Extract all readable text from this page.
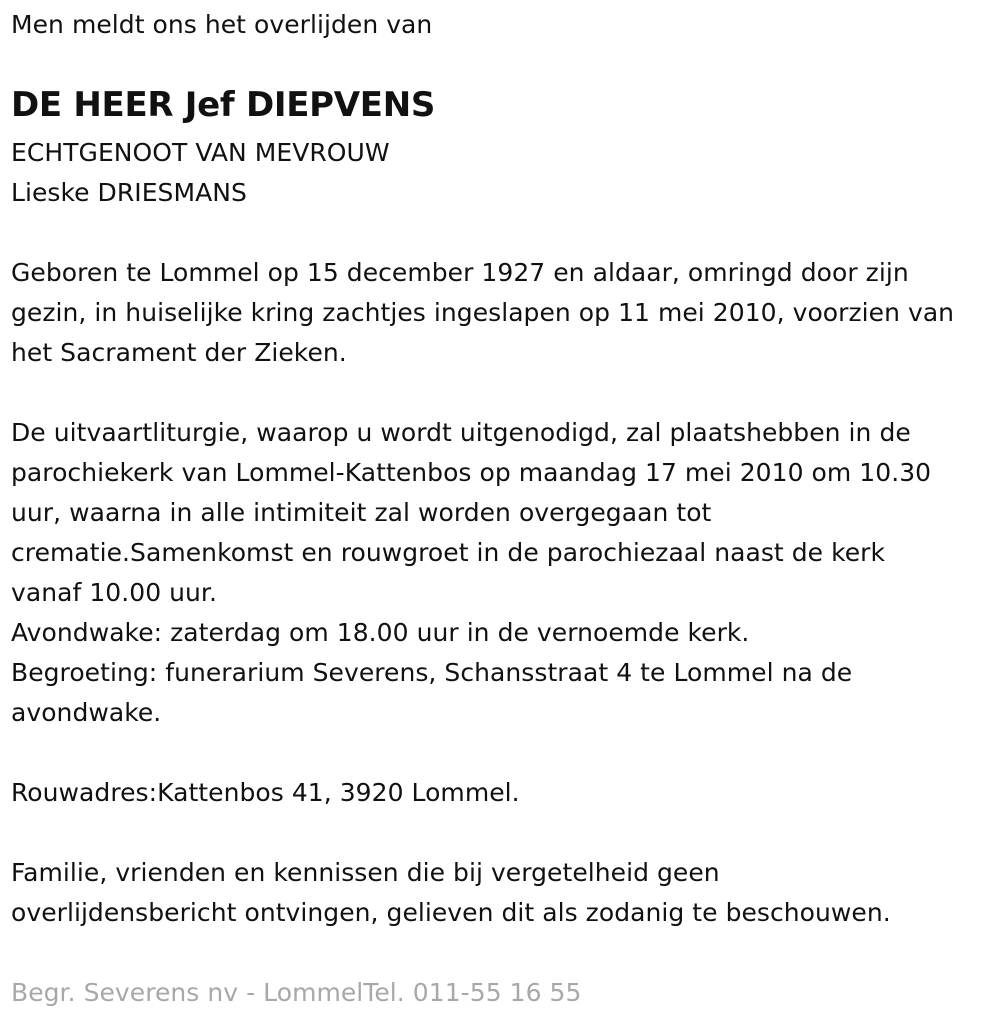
Men meldt ons het overlijden van

DE HEER Jef DIEPVENS

ECHTGENOOT VAN MEVROUW

Lieske DRIESMANS

Geboren te Lommel op 15 december 1927 en aldaar, omringd door zijn

gezin, in huiselijke kring zachtjes ingeslapen op 11 mei 2010, voorzien van

het Sacrament der Zieken.

De uitvaartliturgie, waarop u wordt uitgenodigd, zal plaatshebben in de

parochiekerk van Lommel-Kattenbos op maandag 17 mei 2010 om 10.30

uur, waarna in alle intimiteit zal worden overgegaan tot

crematie.Samenkomst en rouwgroet in de parochiezaal naast de kerk

vanaf 10.00 uur.

Avondwake: zaterdag om 18.00 uur in de vernoemde kerk.

Begroeting: funerarium Severens, Schansstraat 4 te Lommel na de

avondwake.

Rouwadres:Kattenbos 41, 3920 Lommel.

Familie, vrienden en kennissen die bij vergetelheid geen

overlijdensbericht ontvingen, gelieven dit als zodanig te beschouwen.

Begr. Severens nv - LommelTel. 011-55 16 55
